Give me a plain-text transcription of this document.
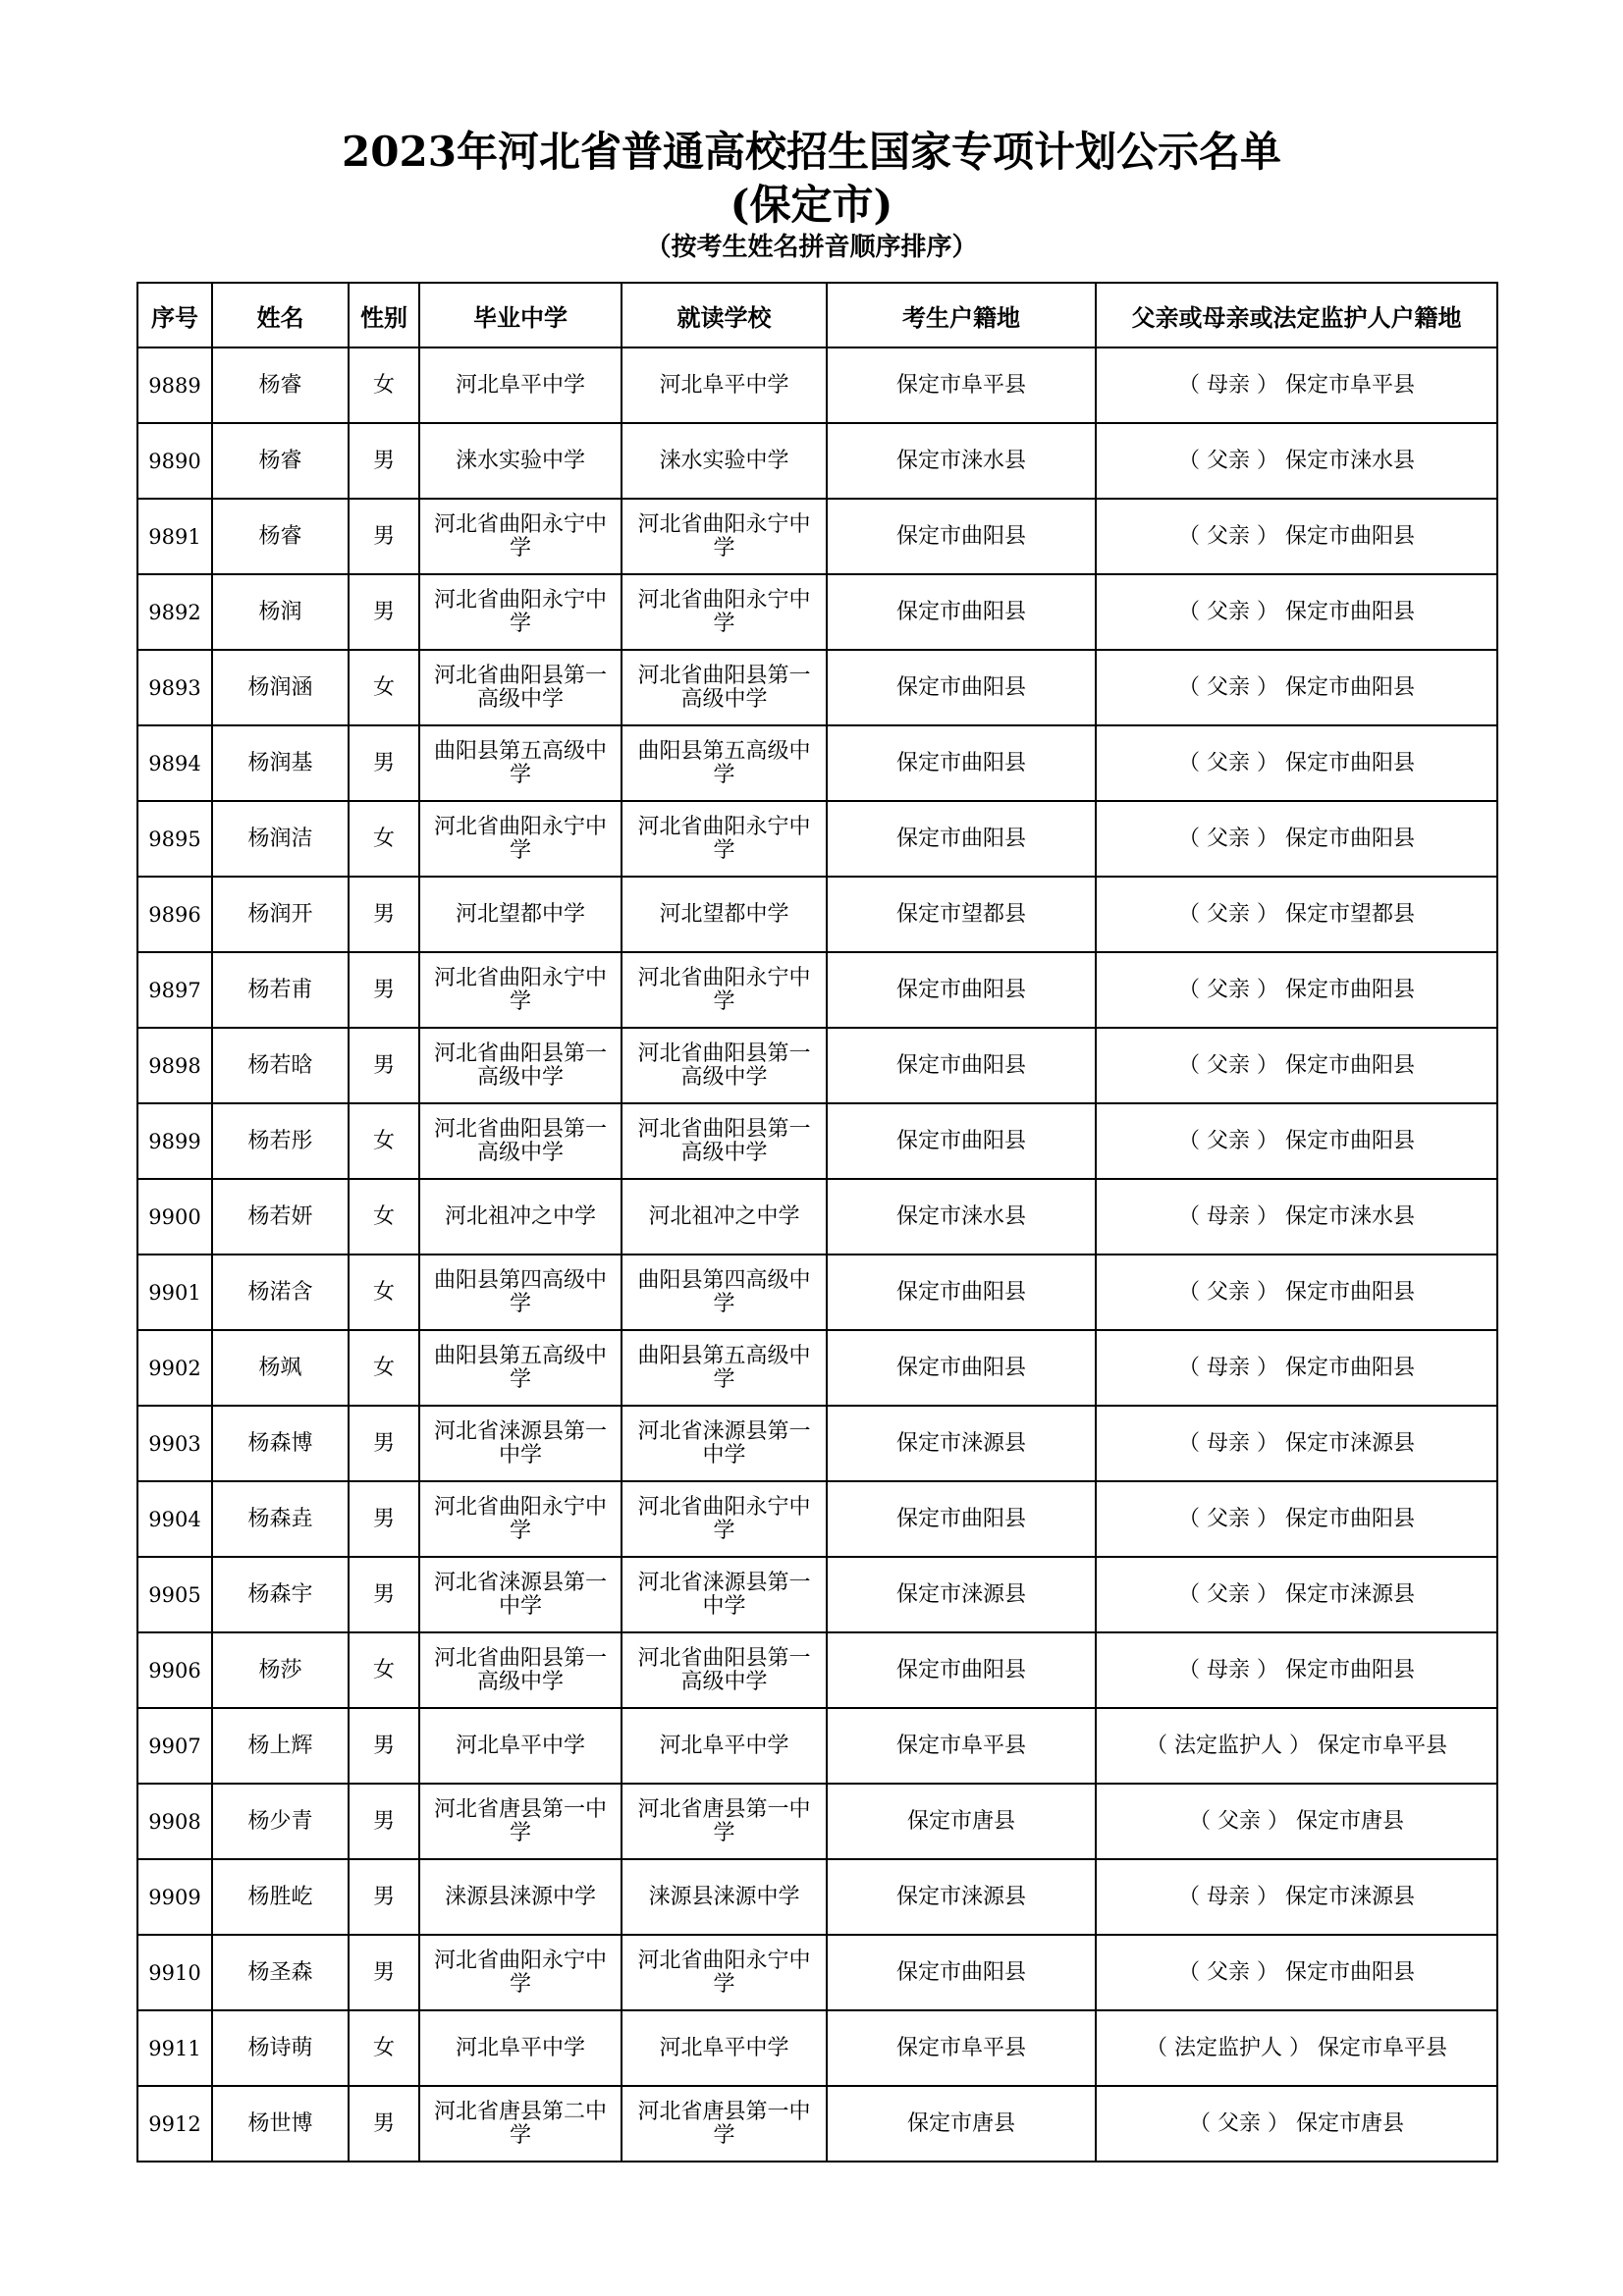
2023年河北省普通高校招生国家专项计划公示名单
(保定市)
（按考生姓名拼音顺序排序）
序号	姓名	性别	毕业中学	就读学校	考生户籍地	父亲或母亲或法定监护人户籍地
9889	杨睿	女	河北阜平中学	河北阜平中学	保定市阜平县	（ 母亲 ） 保定市阜平县
9890	杨睿	男	涞水实验中学	涞水实验中学	保定市涞水县	（ 父亲 ） 保定市涞水县
9891	杨睿	男	河北省曲阳永宁中学	河北省曲阳永宁中学	保定市曲阳县	（ 父亲 ） 保定市曲阳县
9892	杨润	男	河北省曲阳永宁中学	河北省曲阳永宁中学	保定市曲阳县	（ 父亲 ） 保定市曲阳县
9893	杨润涵	女	河北省曲阳县第一高级中学	河北省曲阳县第一高级中学	保定市曲阳县	（ 父亲 ） 保定市曲阳县
9894	杨润基	男	曲阳县第五高级中学	曲阳县第五高级中学	保定市曲阳县	（ 父亲 ） 保定市曲阳县
9895	杨润洁	女	河北省曲阳永宁中学	河北省曲阳永宁中学	保定市曲阳县	（ 父亲 ） 保定市曲阳县
9896	杨润开	男	河北望都中学	河北望都中学	保定市望都县	（ 父亲 ） 保定市望都县
9897	杨若甫	男	河北省曲阳永宁中学	河北省曲阳永宁中学	保定市曲阳县	（ 父亲 ） 保定市曲阳县
9898	杨若晗	男	河北省曲阳县第一高级中学	河北省曲阳县第一高级中学	保定市曲阳县	（ 父亲 ） 保定市曲阳县
9899	杨若彤	女	河北省曲阳县第一高级中学	河北省曲阳县第一高级中学	保定市曲阳县	（ 父亲 ） 保定市曲阳县
9900	杨若妍	女	河北祖冲之中学	河北祖冲之中学	保定市涞水县	（ 母亲 ） 保定市涞水县
9901	杨渃含	女	曲阳县第四高级中学	曲阳县第四高级中学	保定市曲阳县	（ 父亲 ） 保定市曲阳县
9902	杨飒	女	曲阳县第五高级中学	曲阳县第五高级中学	保定市曲阳县	（ 母亲 ） 保定市曲阳县
9903	杨森博	男	河北省涞源县第一中学	河北省涞源县第一中学	保定市涞源县	（ 母亲 ） 保定市涞源县
9904	杨森垚	男	河北省曲阳永宁中学	河北省曲阳永宁中学	保定市曲阳县	（ 父亲 ） 保定市曲阳县
9905	杨森宇	男	河北省涞源县第一中学	河北省涞源县第一中学	保定市涞源县	（ 父亲 ） 保定市涞源县
9906	杨莎	女	河北省曲阳县第一高级中学	河北省曲阳县第一高级中学	保定市曲阳县	（ 母亲 ） 保定市曲阳县
9907	杨上辉	男	河北阜平中学	河北阜平中学	保定市阜平县	（ 法定监护人 ） 保定市阜平县
9908	杨少青	男	河北省唐县第一中学	河北省唐县第一中学	保定市唐县	（ 父亲 ） 保定市唐县
9909	杨胜屹	男	涞源县涞源中学	涞源县涞源中学	保定市涞源县	（ 母亲 ） 保定市涞源县
9910	杨圣森	男	河北省曲阳永宁中学	河北省曲阳永宁中学	保定市曲阳县	（ 父亲 ） 保定市曲阳县
9911	杨诗萌	女	河北阜平中学	河北阜平中学	保定市阜平县	（ 法定监护人 ） 保定市阜平县
9912	杨世博	男	河北省唐县第二中学	河北省唐县第一中学	保定市唐县	（ 父亲 ） 保定市唐县
